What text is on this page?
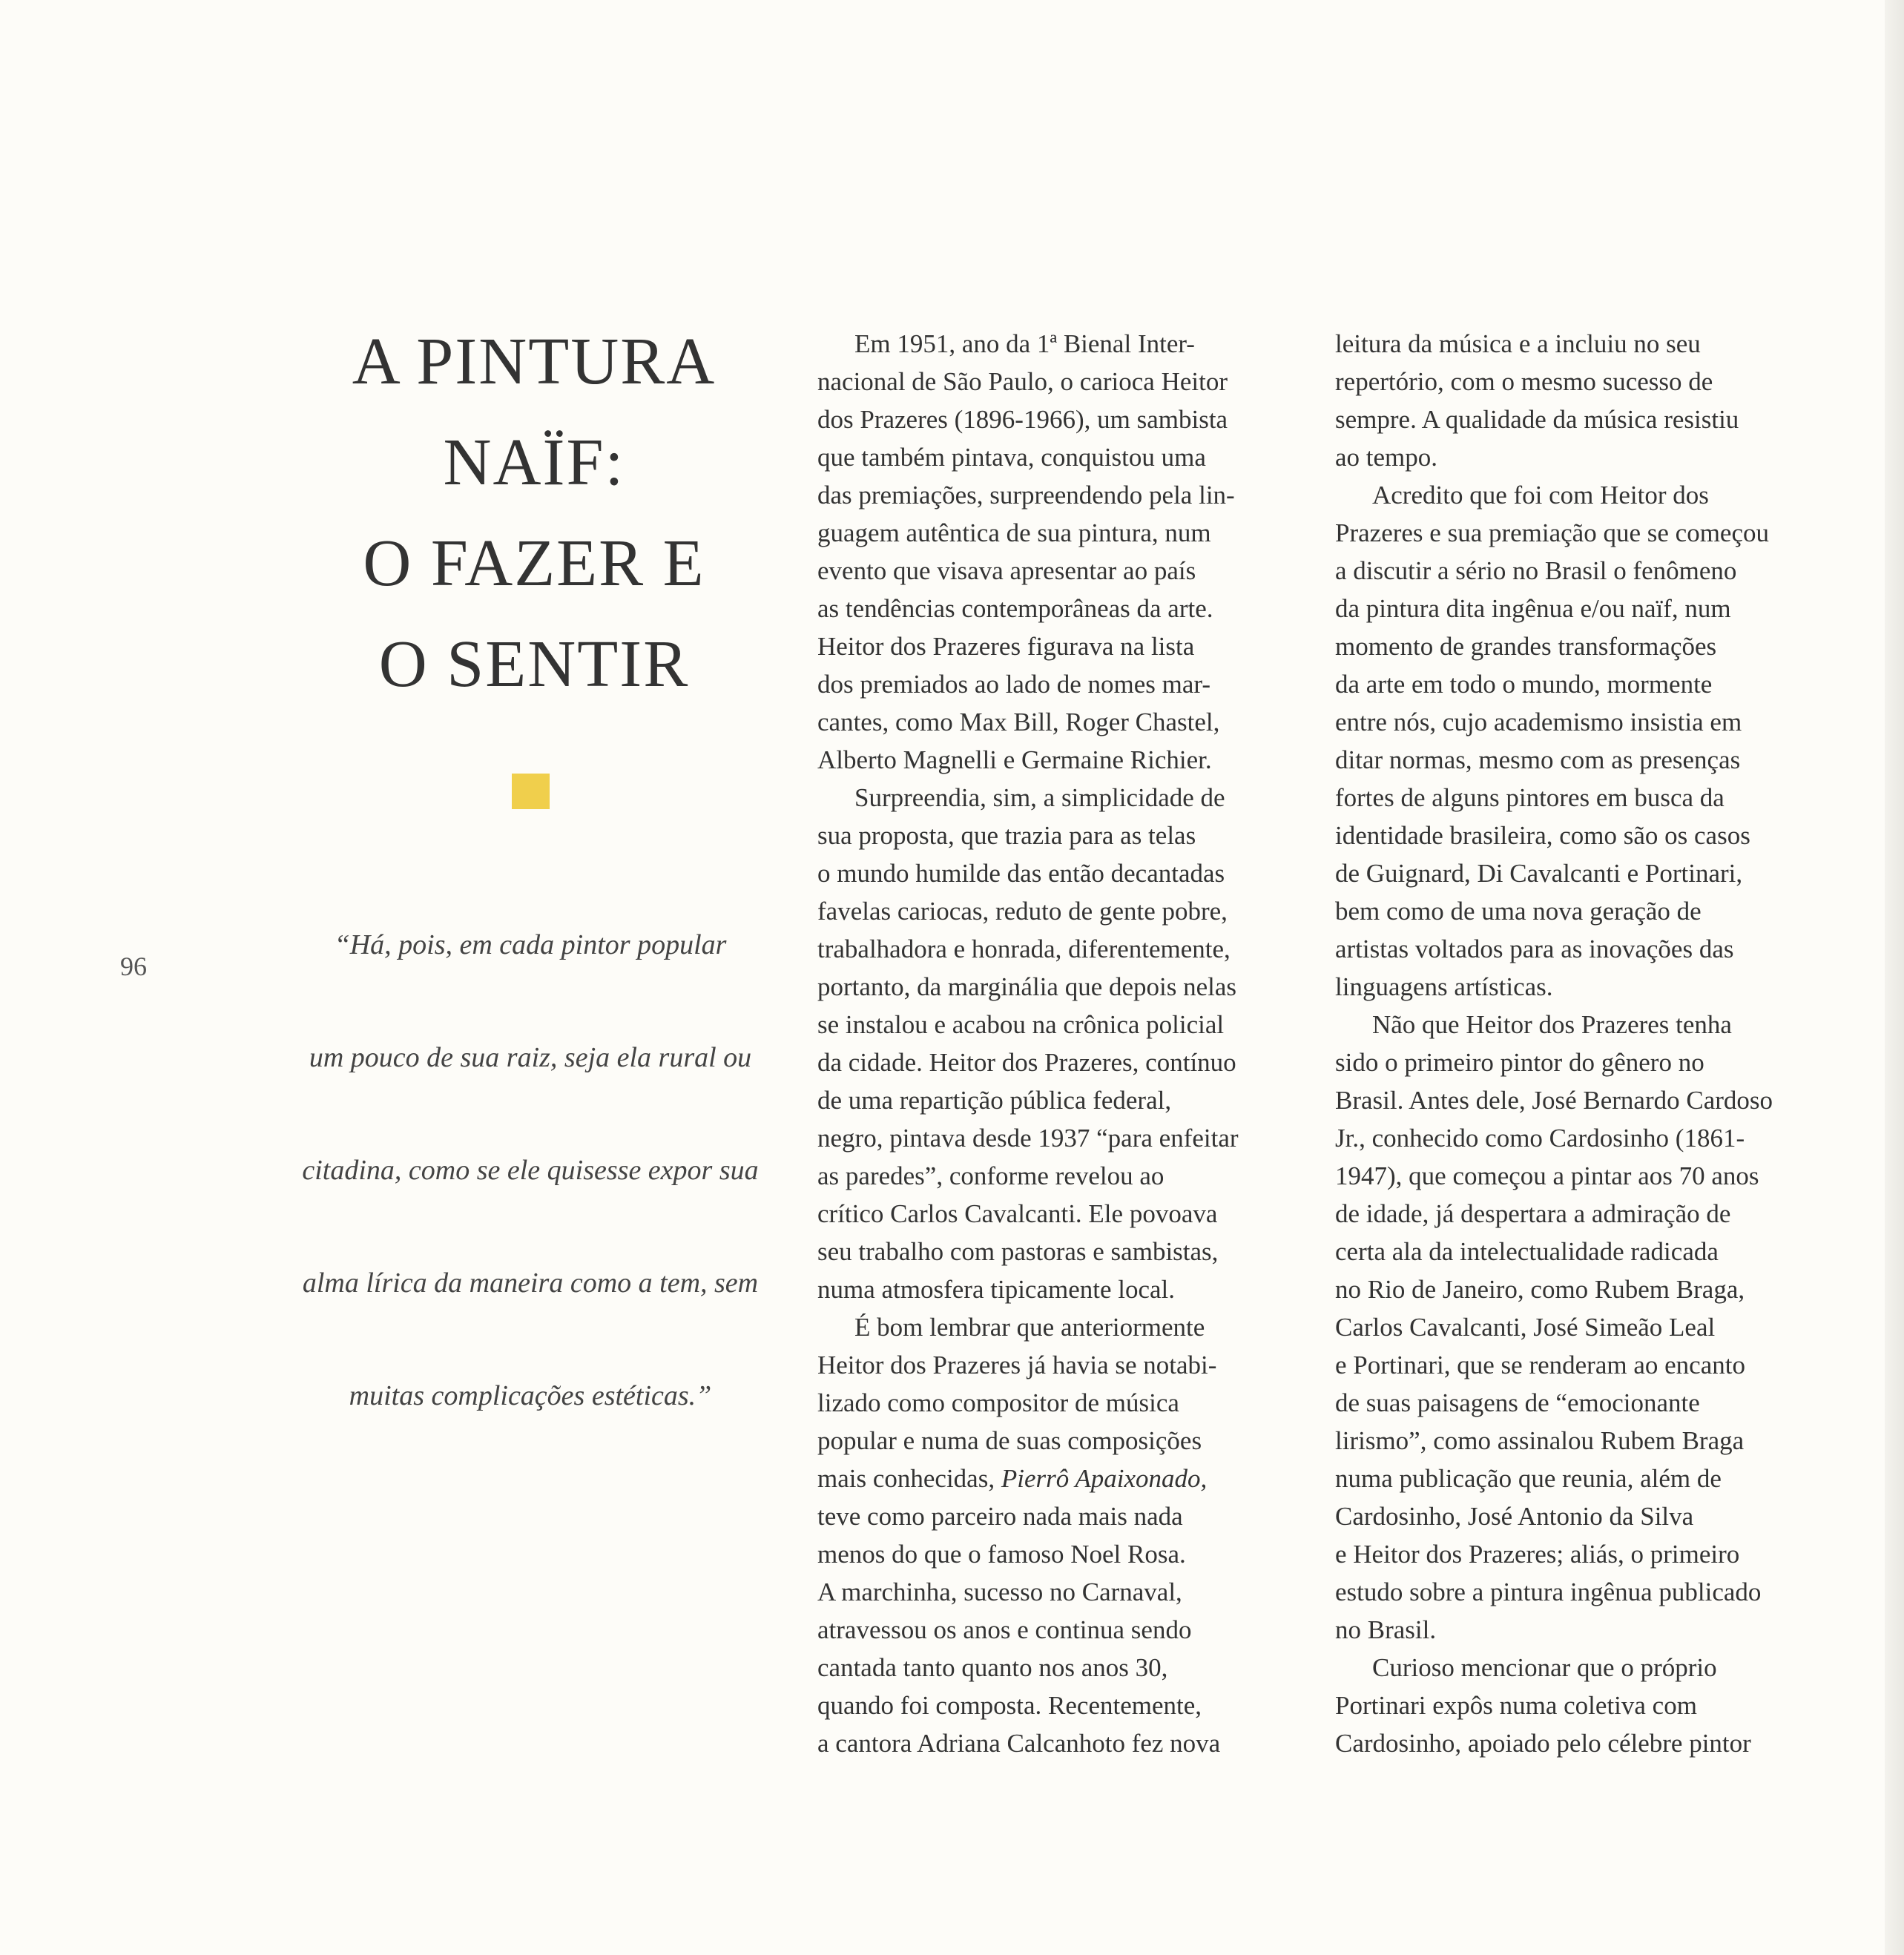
96
A PINTURA
NAÏF:
O FAZER E
O SENTIR
“Há, pois, em cada pintor popular
um pouco de sua raiz, seja ela rural ou
citadina, como se ele quisesse expor sua
alma lírica da maneira como a tem, sem
muitas complicações estéticas.”
Em 1951, ano da 1ª Bienal Inter-
nacional de São Paulo, o carioca Heitor
dos Prazeres (1896-1966), um sambista
que também pintava, conquistou uma
das premiações, surpreendendo pela lin-
guagem autêntica de sua pintura, num
evento que visava apresentar ao país
as tendências contemporâneas da arte.
Heitor dos Prazeres figurava na lista
dos premiados ao lado de nomes mar-
cantes, como Max Bill, Roger Chastel,
Alberto Magnelli e Germaine Richier.
Surpreendia, sim, a simplicidade de
sua proposta, que trazia para as telas
o mundo humilde das então decantadas
favelas cariocas, reduto de gente pobre,
trabalhadora e honrada, diferentemente,
portanto, da marginália que depois nelas
se instalou e acabou na crônica policial
da cidade. Heitor dos Prazeres, contínuo
de uma repartição pública federal,
negro, pintava desde 1937 “para enfeitar
as paredes”, conforme revelou ao
crítico Carlos Cavalcanti. Ele povoava
seu trabalho com pastoras e sambistas,
numa atmosfera tipicamente local.
É bom lembrar que anteriormente
Heitor dos Prazeres já havia se notabi-
lizado como compositor de música
popular e numa de suas composições
mais conhecidas, Pierrô Apaixonado,
teve como parceiro nada mais nada
menos do que o famoso Noel Rosa.
A marchinha, sucesso no Carnaval,
atravessou os anos e continua sendo
cantada tanto quanto nos anos 30,
quando foi composta. Recentemente,
a cantora Adriana Calcanhoto fez nova
leitura da música e a incluiu no seu
repertório, com o mesmo sucesso de
sempre. A qualidade da música resistiu
ao tempo.
Acredito que foi com Heitor dos
Prazeres e sua premiação que se começou
a discutir a sério no Brasil o fenômeno
da pintura dita ingênua e/ou naïf, num
momento de grandes transformações
da arte em todo o mundo, mormente
entre nós, cujo academismo insistia em
ditar normas, mesmo com as presenças
fortes de alguns pintores em busca da
identidade brasileira, como são os casos
de Guignard, Di Cavalcanti e Portinari,
bem como de uma nova geração de
artistas voltados para as inovações das
linguagens artísticas.
Não que Heitor dos Prazeres tenha
sido o primeiro pintor do gênero no
Brasil. Antes dele, José Bernardo Cardoso
Jr., conhecido como Cardosinho (1861-
1947), que começou a pintar aos 70 anos
de idade, já despertara a admiração de
certa ala da intelectualidade radicada
no Rio de Janeiro, como Rubem Braga,
Carlos Cavalcanti, José Simeão Leal
e Portinari, que se renderam ao encanto
de suas paisagens de “emocionante
lirismo”, como assinalou Rubem Braga
numa publicação que reunia, além de
Cardosinho, José Antonio da Silva
e Heitor dos Prazeres; aliás, o primeiro
estudo sobre a pintura ingênua publicado
no Brasil.
Curioso mencionar que o próprio
Portinari expôs numa coletiva com
Cardosinho, apoiado pelo célebre pintor
